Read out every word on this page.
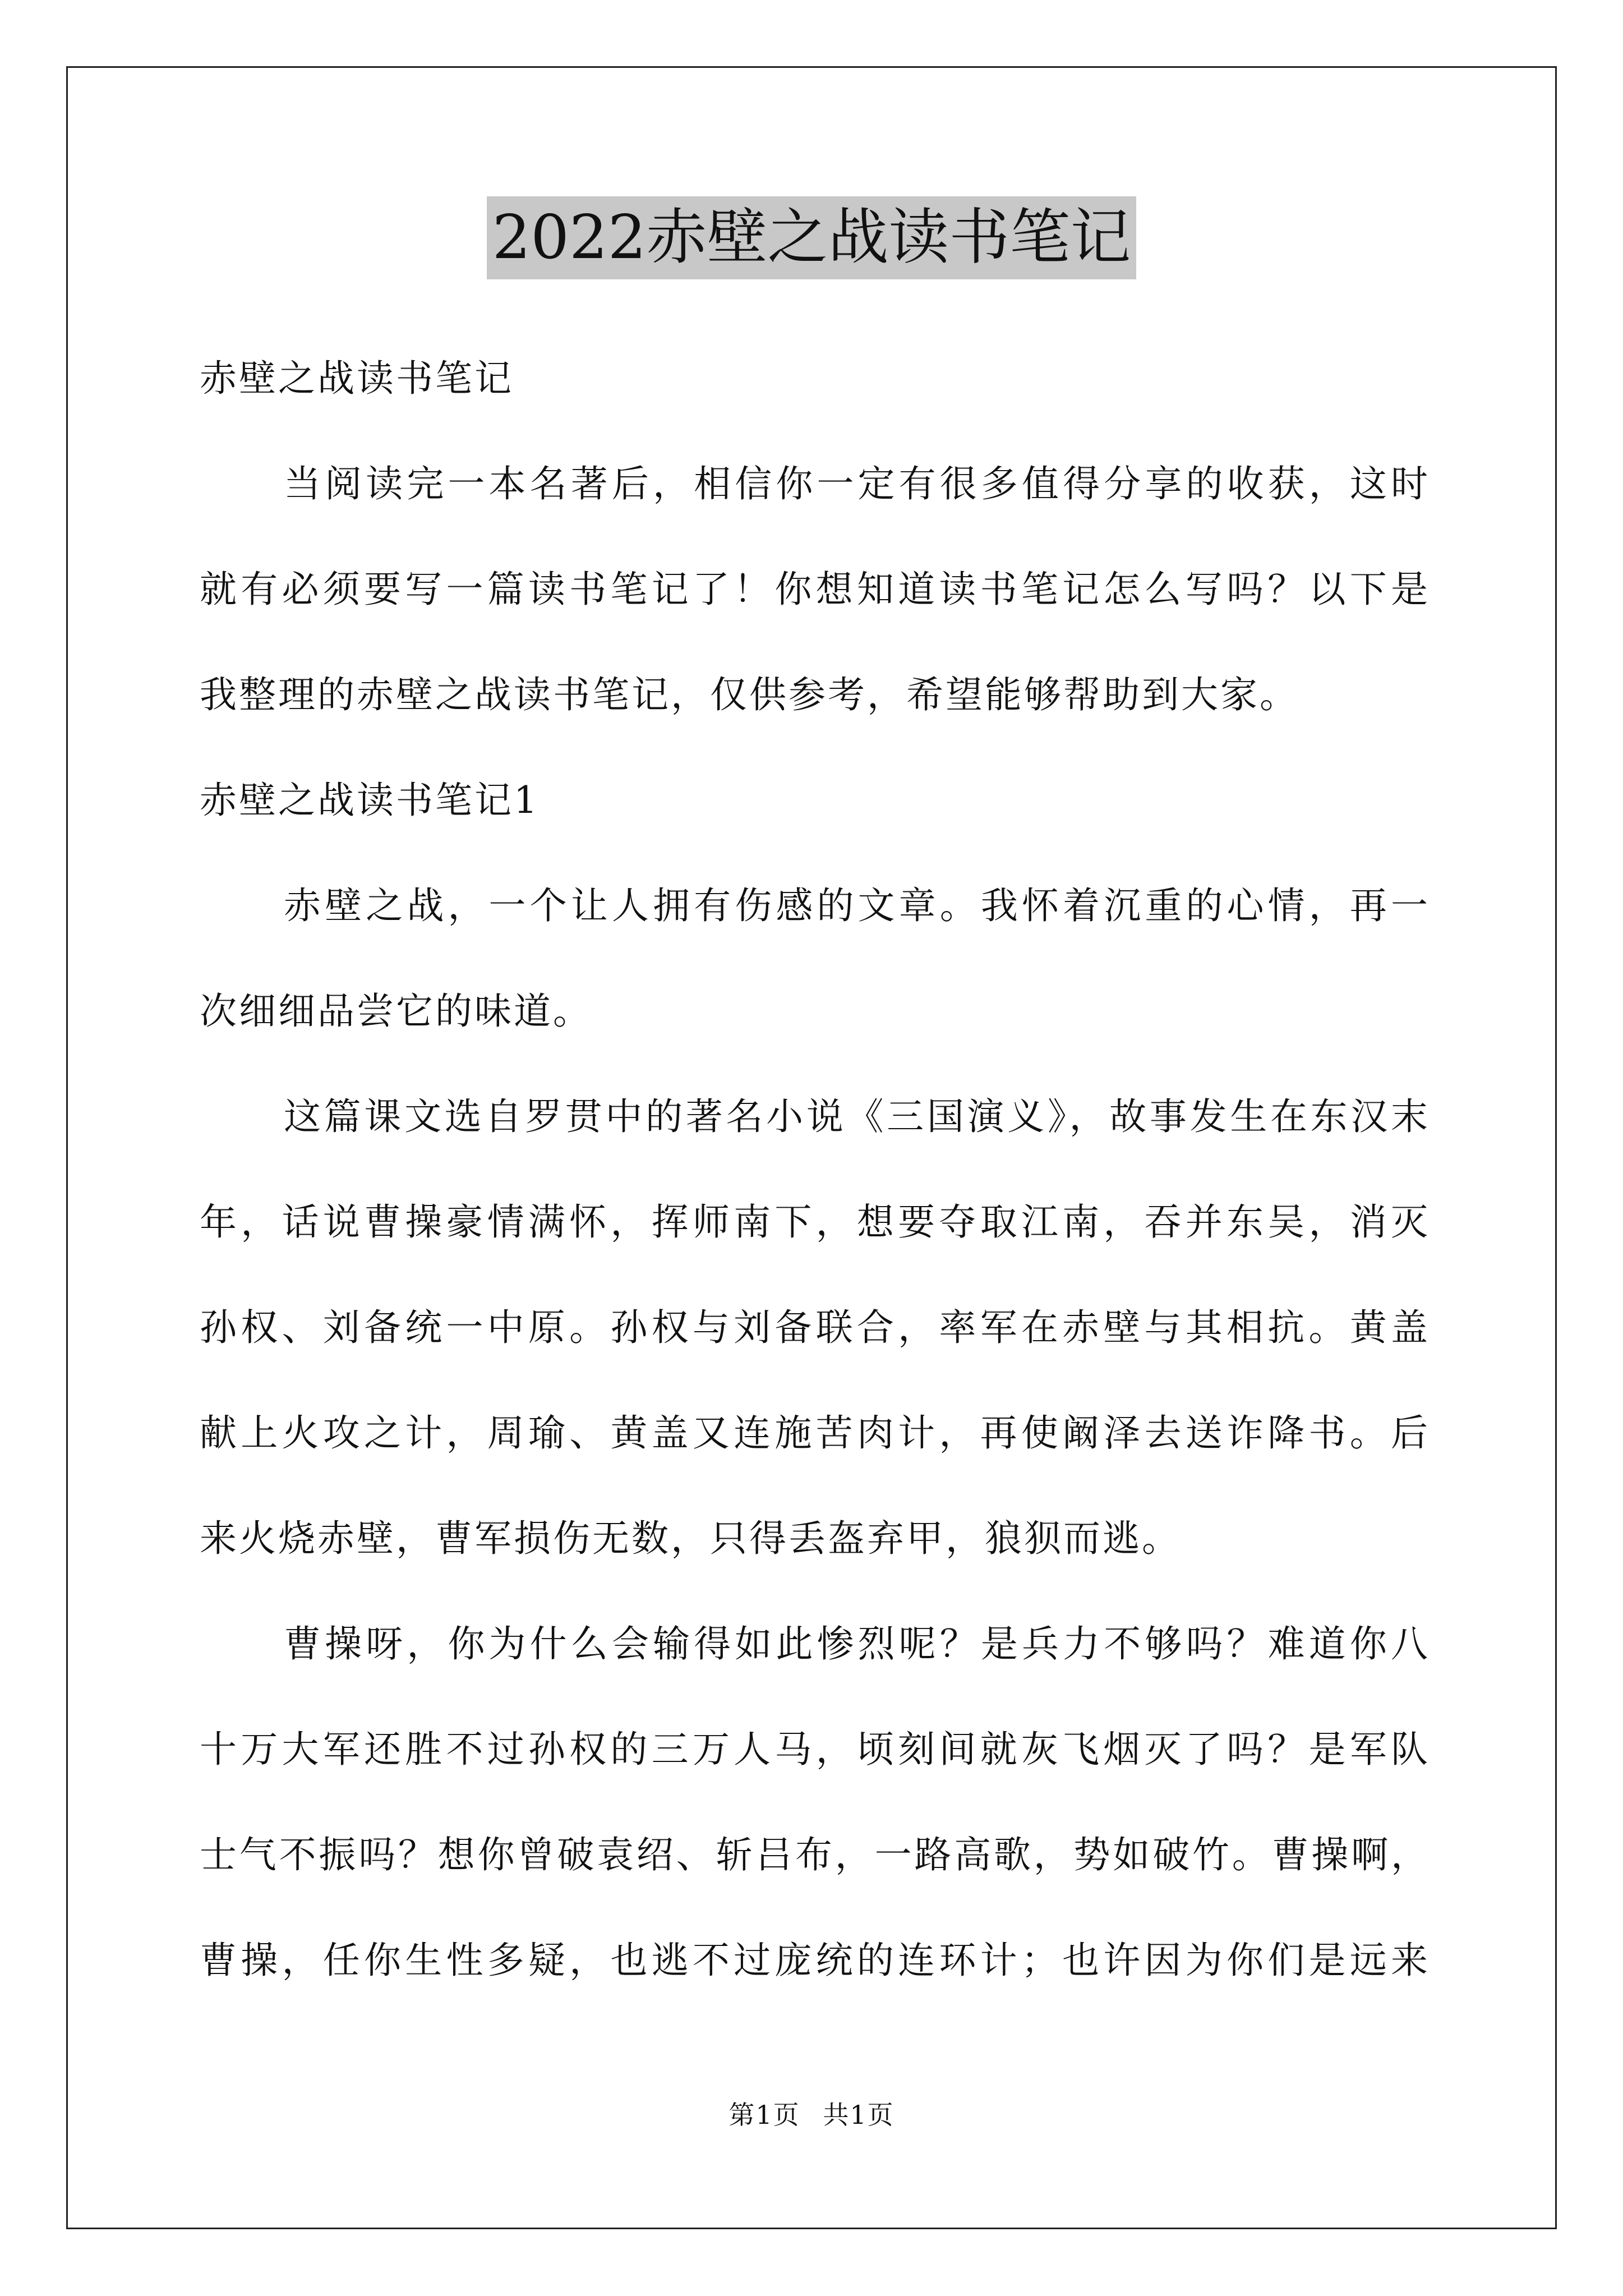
2022赤壁之战读书笔记
赤壁之战读书笔记
当阅读完一本名著后，相信你一定有很多值得分享的收获，这时
就有必须要写一篇读书笔记了！你想知道读书笔记怎么写吗？以下是
我整理的赤壁之战读书笔记，仅供参考，希望能够帮助到大家。
赤壁之战读书笔记1
赤壁之战，一个让人拥有伤感的文章。我怀着沉重的心情，再一
次细细品尝它的味道。
这篇课文选自罗贯中的著名小说《三国演义》，故事发生在东汉末
年，话说曹操豪情满怀，挥师南下，想要夺取江南，吞并东吴，消灭
孙权、刘备统一中原。孙权与刘备联合，率军在赤壁与其相抗。黄盖
献上火攻之计，周瑜、黄盖又连施苦肉计，再使阚泽去送诈降书。后
来火烧赤壁，曹军损伤无数，只得丢盔弃甲，狼狈而逃。
曹操呀，你为什么会输得如此惨烈呢？是兵力不够吗？难道你八
十万大军还胜不过孙权的三万人马，顷刻间就灰飞烟灭了吗？是军队
士气不振吗？想你曾破袁绍、斩吕布，一路高歌，势如破竹。曹操啊，
曹操，任你生性多疑，也逃不过庞统的连环计；也许因为你们是远来
第1页 共1页
